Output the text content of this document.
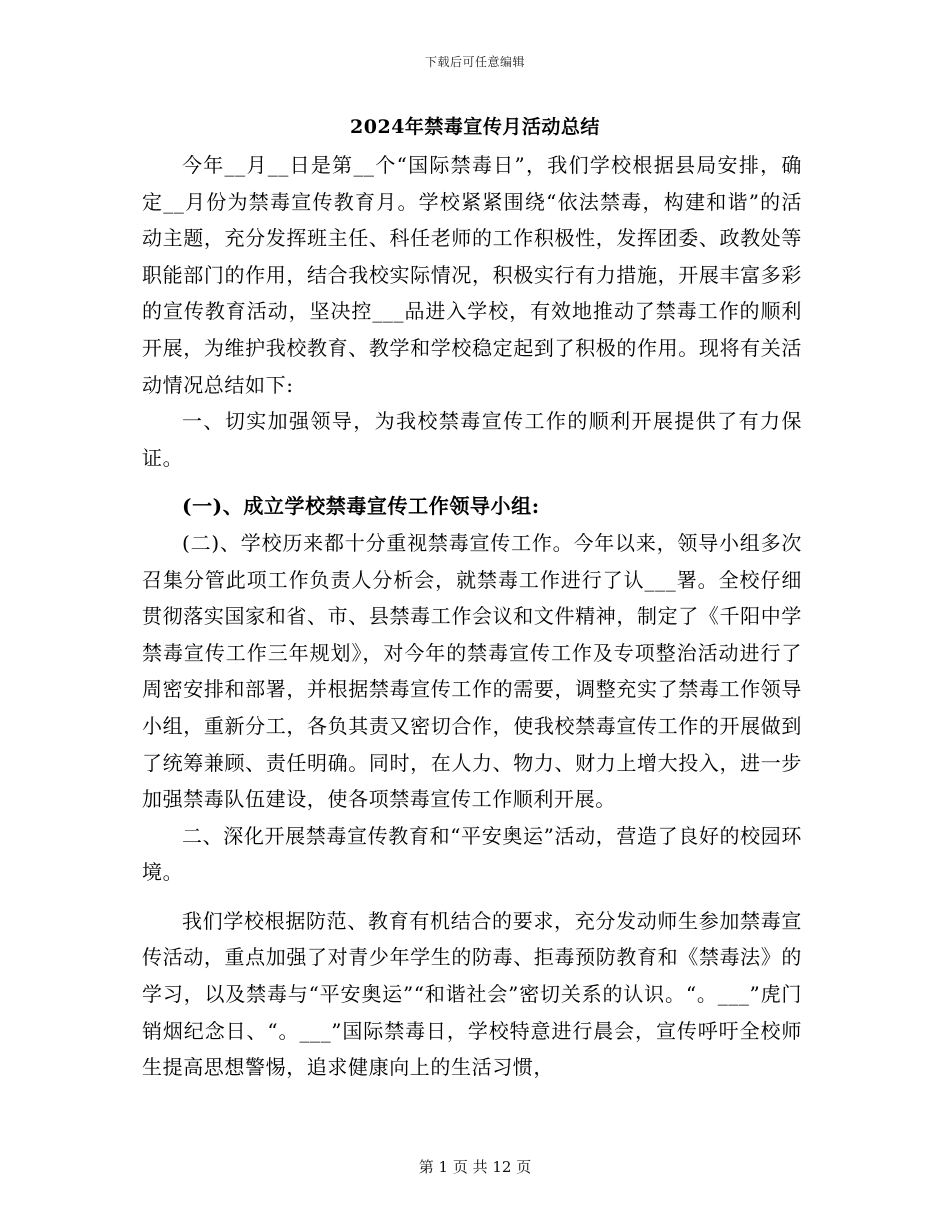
下载后可任意编辑
2024年禁毒宣传月活动总结

今年__月__日是第__个“国际禁毒日”，我们学校根据县局安排，确定__月份为禁毒宣传教育月。学校紧紧围绕“依法禁毒，构建和谐”的活动主题，充分发挥班主任、科任老师的工作积极性，发挥团委、政教处等职能部门的作用，结合我校实际情况，积极实行有力措施，开展丰富多彩的宣传教育活动，坚决控___品进入学校，有效地推动了禁毒工作的顺利开展，为维护我校教育、教学和学校稳定起到了积极的作用。现将有关活动情况总结如下:

一、切实加强领导，为我校禁毒宣传工作的顺利开展提供了有力保证。

(一)、成立学校禁毒宣传工作领导小组:

(二)、学校历来都十分重视禁毒宣传工作。今年以来，领导小组多次召集分管此项工作负责人分析会，就禁毒工作进行了认___署。全校仔细贯彻落实国家和省、市、县禁毒工作会议和文件精神，制定了《千阳中学禁毒宣传工作三年规划》，对今年的禁毒宣传工作及专项整治活动进行了周密安排和部署，并根据禁毒宣传工作的需要，调整充实了禁毒工作领导小组，重新分工，各负其责又密切合作，使我校禁毒宣传工作的开展做到了统筹兼顾、责任明确。同时，在人力、物力、财力上增大投入，进一步加强禁毒队伍建设，使各项禁毒宣传工作顺利开展。

二、深化开展禁毒宣传教育和“平安奥运”活动，营造了良好的校园环境。

我们学校根据防范、教育有机结合的要求，充分发动师生参加禁毒宣传活动，重点加强了对青少年学生的防毒、拒毒预防教育和《禁毒法》的学习，以及禁毒与“平安奥运”“和谐社会”密切关系的认识。“。___”虎门销烟纪念日、“。___”国际禁毒日，学校特意进行晨会，宣传呼吁全校师生提高思想警惕，追求健康向上的生活习惯，

第 1 页 共 12 页
